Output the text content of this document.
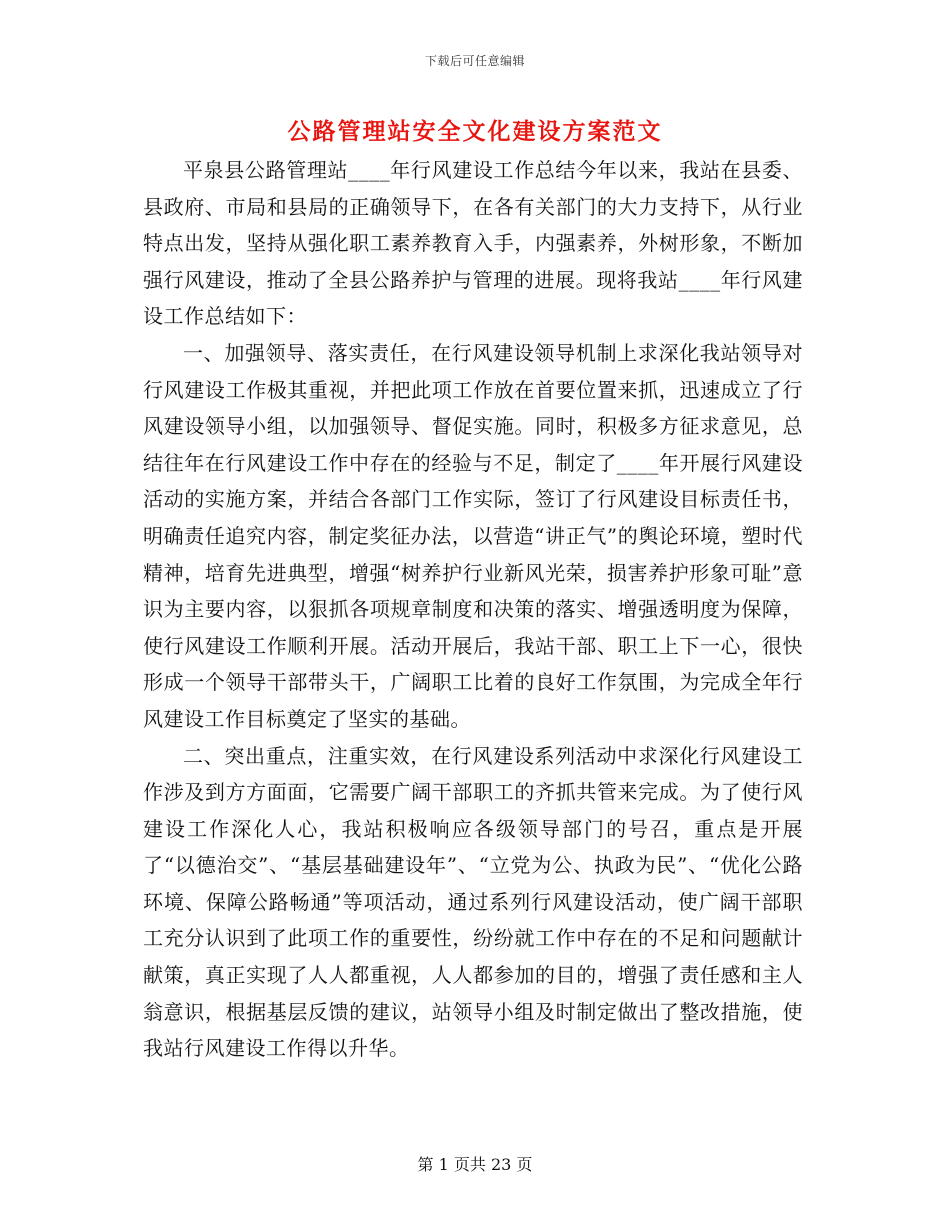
下载后可任意编辑
公路管理站安全文化建设方案范文

平泉县公路管理站____年行风建设工作总结今年以来，我站在县委、县政府、市局和县局的正确领导下，在各有关部门的大力支持下，从行业特点出发，坚持从强化职工素养教育入手，内强素养，外树形象，不断加强行风建设，推动了全县公路养护与管理的进展。现将我站____年行风建设工作总结如下：

一、加强领导、落实责任，在行风建设领导机制上求深化我站领导对行风建设工作极其重视，并把此项工作放在首要位置来抓，迅速成立了行风建设领导小组，以加强领导、督促实施。同时，积极多方征求意见，总结往年在行风建设工作中存在的经验与不足，制定了____年开展行风建设活动的实施方案，并结合各部门工作实际，签订了行风建设目标责任书，明确责任追究内容，制定奖征办法，以营造“讲正气”的舆论环境，塑时代精神，培育先进典型，增强“树养护行业新风光荣，损害养护形象可耻”意识为主要内容，以狠抓各项规章制度和决策的落实、增强透明度为保障，使行风建设工作顺利开展。活动开展后，我站干部、职工上下一心，很快形成一个领导干部带头干，广阔职工比着的良好工作氛围，为完成全年行风建设工作目标奠定了坚实的基础。

二、突出重点，注重实效，在行风建设系列活动中求深化行风建设工作涉及到方方面面，它需要广阔干部职工的齐抓共管来完成。为了使行风建设工作深化人心，我站积极响应各级领导部门的号召，重点是开展了“以德治交”、“基层基础建设年”、“立党为公、执政为民”、“优化公路环境、保障公路畅通”等项活动，通过系列行风建设活动，使广阔干部职工充分认识到了此项工作的重要性，纷纷就工作中存在的不足和问题献计献策，真正实现了人人都重视，人人都参加的目的，增强了责任感和主人翁意识，根据基层反馈的建议，站领导小组及时制定做出了整改措施，使我站行风建设工作得以升华。

第 1 页共 23 页
